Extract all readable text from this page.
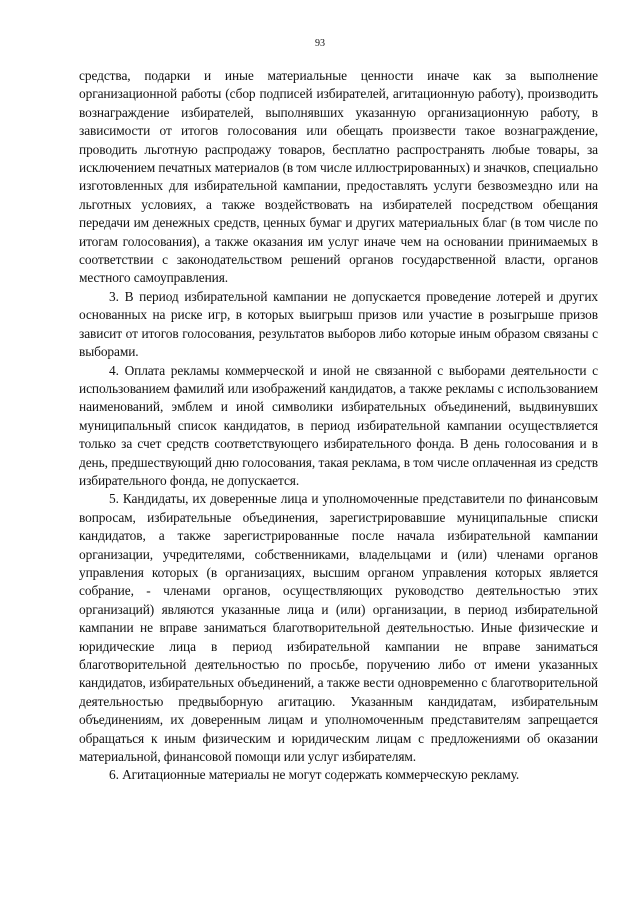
93

средства, подарки и иные материальные ценности иначе как за выполнение организационной работы (сбор подписей избирателей, агитационную работу), производить вознаграждение избирателей, выполнявших указанную организационную работу, в зависимости от итогов голосования или обещать произвести такое вознаграждение, проводить льготную распродажу товаров, бесплатно распространять любые товары, за исключением печатных материалов (в том числе иллюстрированных) и значков, специально изготовленных для избирательной кампании, предоставлять услуги безвозмездно или на льготных условиях, а также воздействовать на избирателей посредством обещания передачи им денежных средств, ценных бумаг и других материальных благ (в том числе по итогам голосования), а также оказания им услуг иначе чем на основании принимаемых в соответствии с законодательством решений органов государственной власти, органов местного самоуправления.

3. В период избирательной кампании не допускается проведение лотерей и других основанных на риске игр, в которых выигрыш призов или участие в розыгрыше призов зависит от итогов голосования, результатов выборов либо которые иным образом связаны с выборами.

4. Оплата рекламы коммерческой и иной не связанной с выборами деятельности с использованием фамилий или изображений кандидатов, а также рекламы с использованием наименований, эмблем и иной символики избирательных объединений, выдвинувших муниципальный список кандидатов, в период избирательной кампании осуществляется только за счет средств соответствующего избирательного фонда. В день голосования и в день, предшествующий дню голосования, такая реклама, в том числе оплаченная из средств избирательного фонда, не допускается.

5. Кандидаты, их доверенные лица и уполномоченные представители по финансовым вопросам, избирательные объединения, зарегистрировавшие муниципальные списки кандидатов, а также зарегистрированные после начала избирательной кампании организации, учредителями, собственниками, владельцами и (или) членами органов управления которых (в организациях, высшим органом управления которых является собрание, - членами органов, осуществляющих руководство деятельностью этих организаций) являются указанные лица и (или) организации, в период избирательной кампании не вправе заниматься благотворительной деятельностью. Иные физические и юридические лица в период избирательной кампании не вправе заниматься благотворительной деятельностью по просьбе, поручению либо от имени указанных кандидатов, избирательных объединений, а также вести одновременно с благотворительной деятельностью предвыборную агитацию. Указанным кандидатам, избирательным объединениям, их доверенным лицам и уполномоченным представителям запрещается обращаться к иным физическим и юридическим лицам с предложениями об оказании материальной, финансовой помощи или услуг избирателям.

6. Агитационные материалы не могут содержать коммерческую рекламу.
